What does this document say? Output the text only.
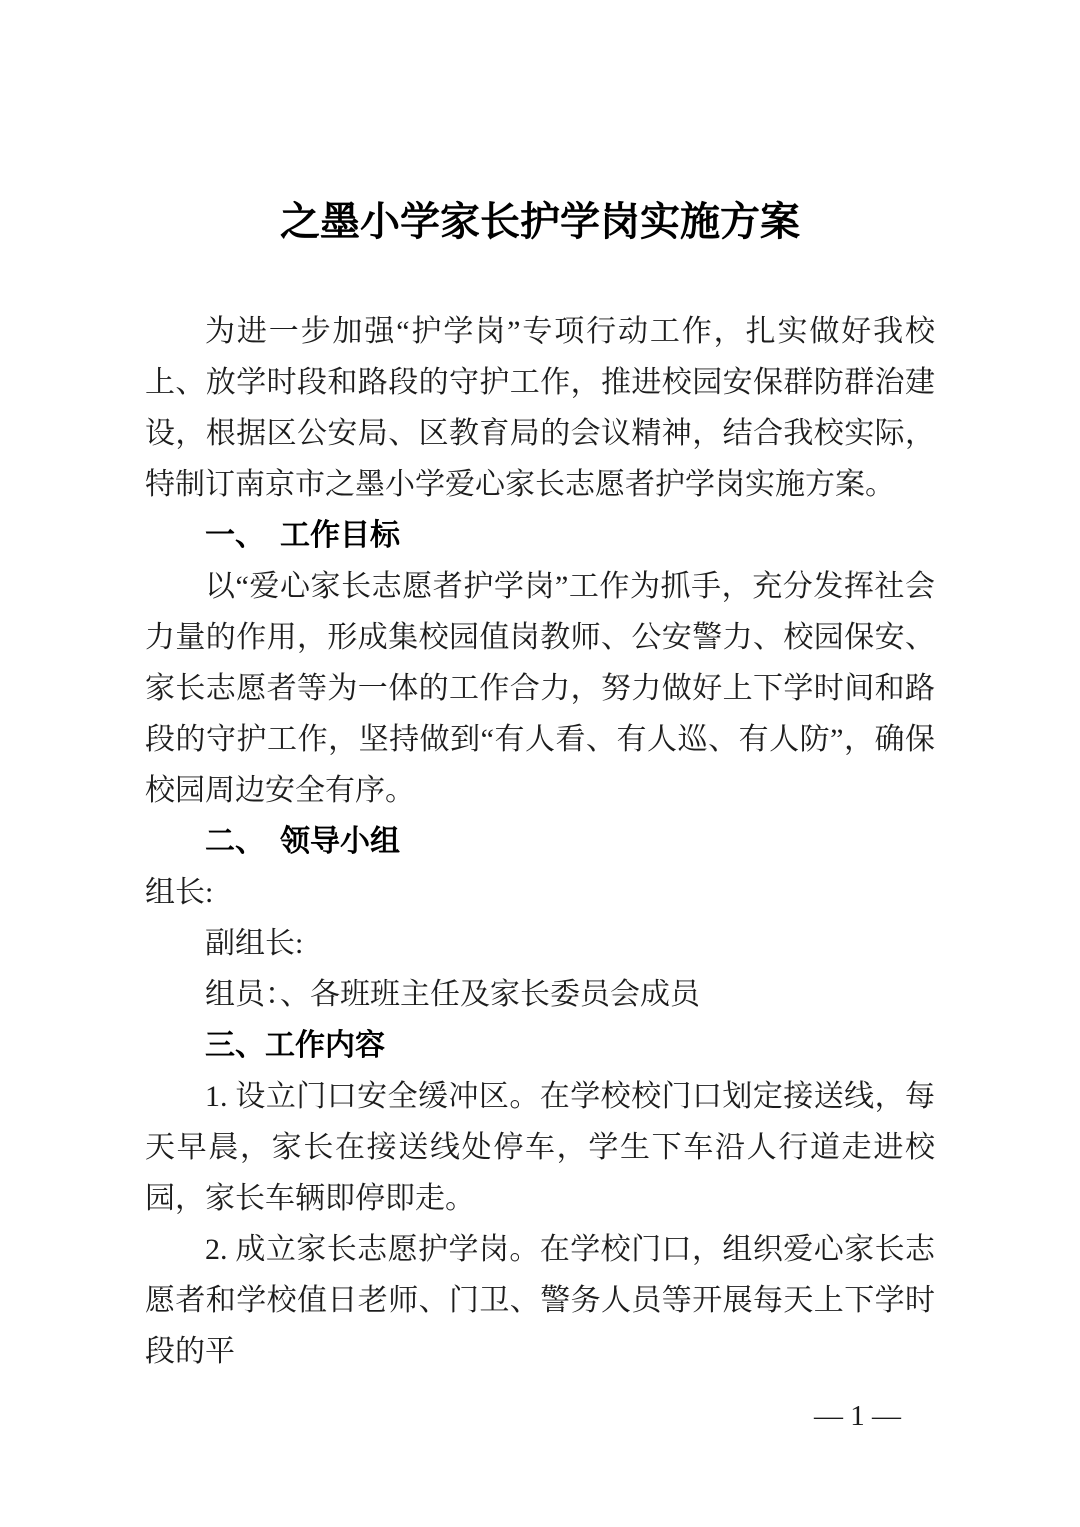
之墨小学家长护学岗实施方案

为进一步加强“护学岗”专项行动工作，扎实做好我校上、放学时段和路段的守护工作，推进校园安保群防群治建设，根据区公安局、区教育局的会议精神，结合我校实际，特制订南京市之墨小学爱心家长志愿者护学岗实施方案。

一、　工作目标

以“爱心家长志愿者护学岗”工作为抓手，充分发挥社会力量的作用，形成集校园值岗教师、公安警力、校园保安、家长志愿者等为一体的工作合力，努力做好上下学时间和路段的守护工作，坚持做到“有人看、有人巡、有人防”，确保校园周边安全有序。

二、　领导小组

组长:

副组长:

组员：、各班班主任及家长委员会成员

三、工作内容

1. 设立门口安全缓冲区。在学校校门口划定接送线，每天早晨，家长在接送线处停车，学生下车沿人行道走进校园，家长车辆即停即走。

2. 成立家长志愿护学岗。在学校门口，组织爱心家长志愿者和学校值日老师、门卫、警务人员等开展每天上下学时段的平

— 1 —
